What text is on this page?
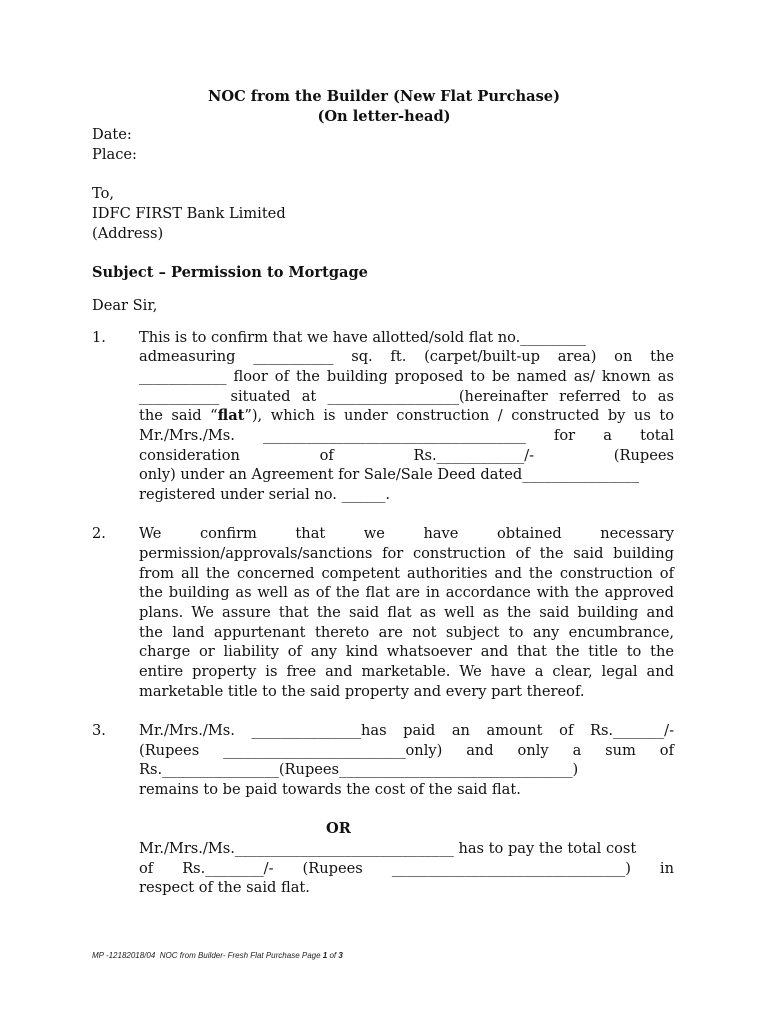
NOC from the Builder (New Flat Purchase)
(On letter-head)
Date:
Place:
To,
IDFC FIRST Bank Limited
(Address)
Subject – Permission to Mortgage
Dear Sir,
1. This is to confirm that we have allotted/sold flat no._________
admeasuring ___________ sq. ft. (carpet/built-up area) on the
____________ floor of the building proposed to be named as/ known as
___________ situated at __________________(hereinafter referred to as
the said “flat”), which is under construction / constructed by us to
Mr./Mrs./Ms. ____________________________________ for a total
consideration of Rs.____________/- (Rupees
only) under an Agreement for Sale/Sale Deed dated________________
registered under serial no. ______.
2. We confirm that we have obtained necessary
permission/approvals/sanctions for construction of the said building
from all the concerned competent authorities and the construction of
the building as well as of the flat are in accordance with the approved
plans. We assure that the said flat as well as the said building and
the land appurtenant thereto are not subject to any encumbrance,
charge or liability of any kind whatsoever and that the title to the
entire property is free and marketable. We have a clear, legal and
marketable title to the said property and every part thereof.
3. Mr./Mrs./Ms. _______________has paid an amount of Rs._______/-
(Rupees _________________________only) and only a sum of
Rs.________________(Rupees________________________________)
remains to be paid towards the cost of the said flat.
OR
Mr./Mrs./Ms.______________________________ has to pay the total cost
of Rs.________/- (Rupees ________________________________) in
respect of the said flat.
MP -12182018/04  NOC from Builder- Fresh Flat Purchase Page 1 of 3
